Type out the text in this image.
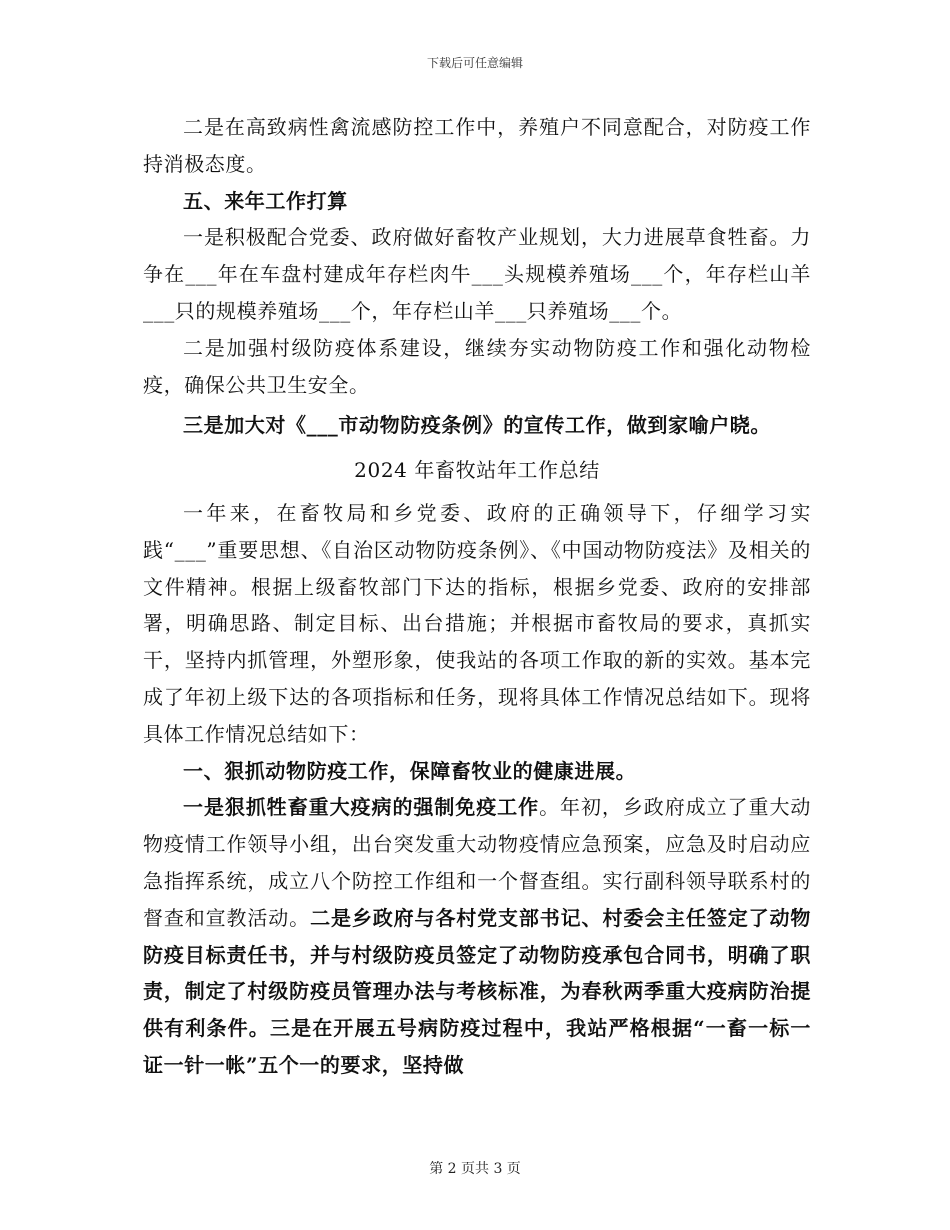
下载后可任意编辑

二是在高致病性禽流感防控工作中，养殖户不同意配合，对防疫工作持消极态度。

五、来年工作打算

一是积极配合党委、政府做好畜牧产业规划，大力进展草食牲畜。力争在___年在车盘村建成年存栏肉牛___头规模养殖场___个，年存栏山羊___只的规模养殖场___个，年存栏山羊___只养殖场___个。

二是加强村级防疫体系建设，继续夯实动物防疫工作和强化动物检疫，确保公共卫生安全。

三是加大对《___市动物防疫条例》的宣传工作，做到家喻户晓。

2024 年畜牧站年工作总结

一年来，在畜牧局和乡党委、政府的正确领导下，仔细学习实践“___”重要思想、《自治区动物防疫条例》、《中国动物防疫法》及相关的文件精神。根据上级畜牧部门下达的指标，根据乡党委、政府的安排部署，明确思路、制定目标、出台措施；并根据市畜牧局的要求，真抓实干，坚持内抓管理，外塑形象，使我站的各项工作取的新的实效。基本完成了年初上级下达的各项指标和任务，现将具体工作情况总结如下。现将具体工作情况总结如下：

一、狠抓动物防疫工作，保障畜牧业的健康进展。

一是狠抓牲畜重大疫病的强制免疫工作。年初，乡政府成立了重大动物疫情工作领导小组，出台突发重大动物疫情应急预案，应急及时启动应急指挥系统，成立八个防控工作组和一个督查组。实行副科领导联系村的督查和宣教活动。二是乡政府与各村党支部书记、村委会主任签定了动物防疫目标责任书，并与村级防疫员签定了动物防疫承包合同书，明确了职责，制定了村级防疫员管理办法与考核标准，为春秋两季重大疫病防治提供有利条件。三是在开展五号病防疫过程中，我站严格根据“一畜一标一证一针一帐”五个一的要求，坚持做

第 2 页共 3 页
